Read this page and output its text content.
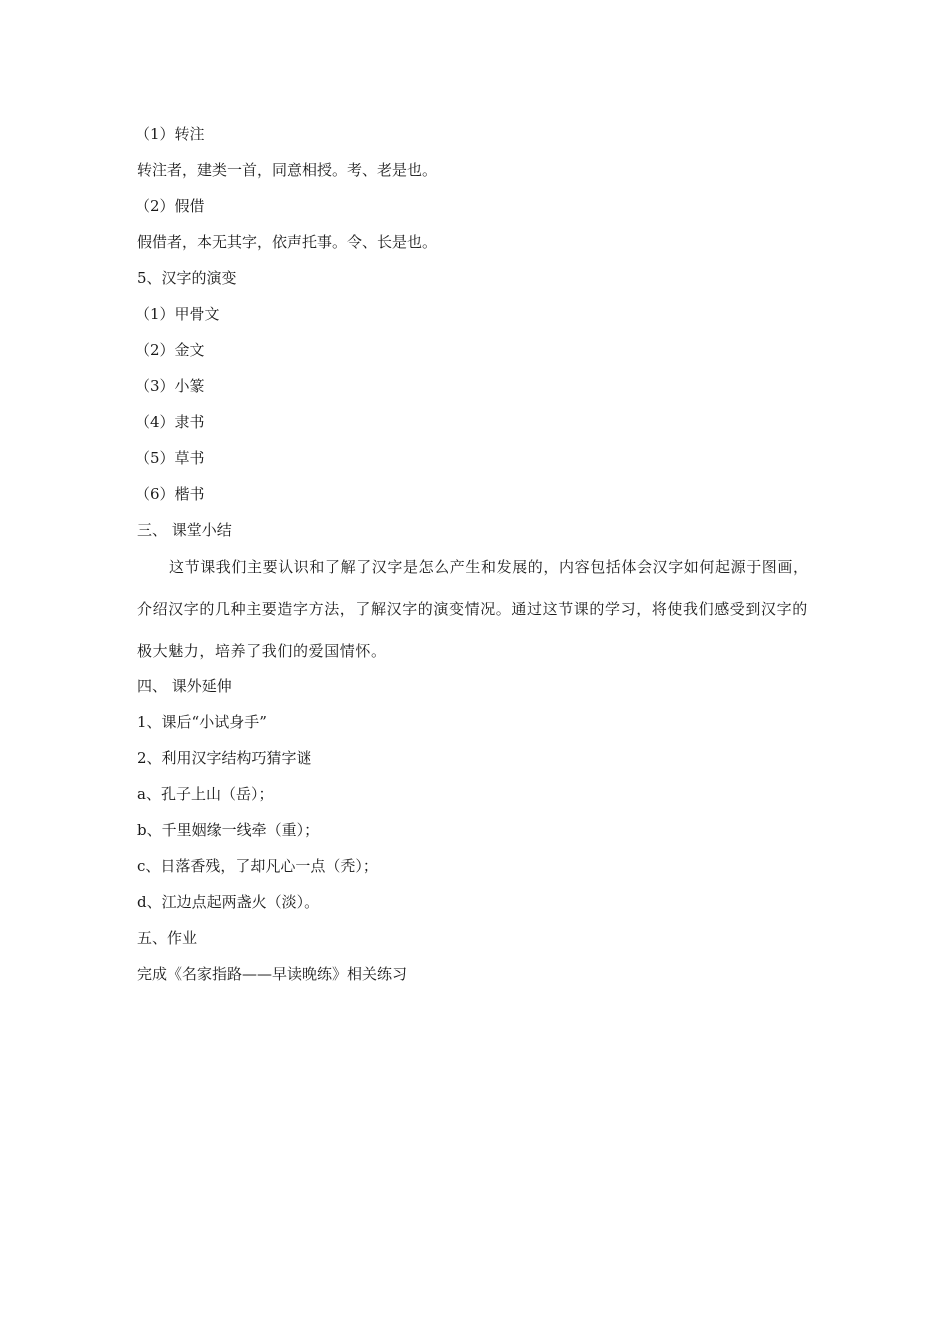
（1）转注
转注者，建类一首，同意相授。考、老是也。
（2）假借
假借者，本无其字，依声托事。令、长是也。
5、汉字的演变
（1）甲骨文
（2）金文
（3）小篆
（4）隶书
（5）草书
（6）楷书
三、 课堂小结
这节课我们主要认识和了解了汉字是怎么产生和发展的，内容包括体会汉字如何起源于图画，介绍汉字的几种主要造字方法，了解汉字的演变情况。通过这节课的学习，将使我们感受到汉字的极大魅力，培养了我们的爱国情怀。
四、 课外延伸
1、课后“小试身手”
2、利用汉字结构巧猜字谜
a、孔子上山（岳）；
b、千里姻缘一线牵（重）；
c、日落香残，了却凡心一点（秃）；
d、江边点起两盏火（淡）。
五、作业
完成《名家指路——早读晚练》相关练习
